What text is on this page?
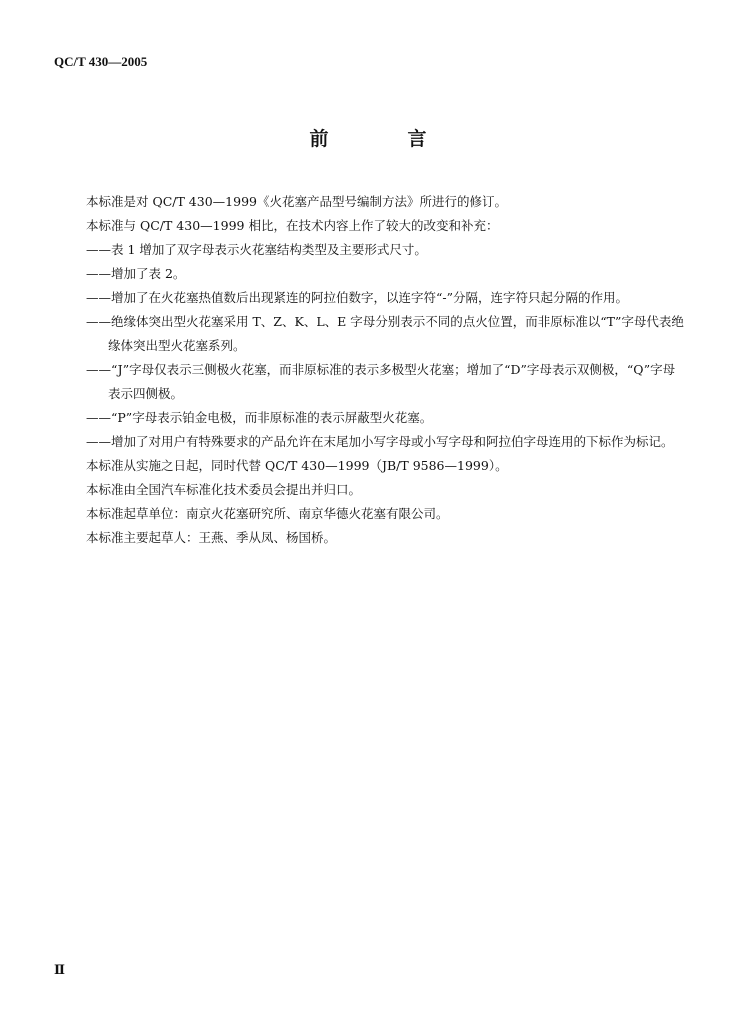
QC/T 430—2005
前　言

本标准是对 QC/T 430—1999《火花塞产品型号编制方法》所进行的修订。

本标准与 QC/T 430—1999 相比，在技术内容上作了较大的改变和补充：

——表 1 增加了双字母表示火花塞结构类型及主要形式尺寸。

——增加了表 2。

——增加了在火花塞热值数后出现紧连的阿拉伯数字，以连字符“-”分隔，连字符只起分隔的作用。

——绝缘体突出型火花塞采用 T、Z、K、L、E 字母分别表示不同的点火位置，而非原标准以“T”字母代表绝缘体突出型火花塞系列。

——“J”字母仅表示三侧极火花塞，而非原标准的表示多极型火花塞；增加了“D”字母表示双侧极，“Q”字母表示四侧极。

——“P”字母表示铂金电极，而非原标准的表示屏蔽型火花塞。

——增加了对用户有特殊要求的产品允许在末尾加小写字母或小写字母和阿拉伯字母连用的下标作为标记。

本标准从实施之日起，同时代替 QC/T 430—1999（JB/T 9586—1999）。

本标准由全国汽车标准化技术委员会提出并归口。

本标准起草单位：南京火花塞研究所、南京华德火花塞有限公司。

本标准主要起草人：王燕、季从凤、杨国桥。

Ⅱ
